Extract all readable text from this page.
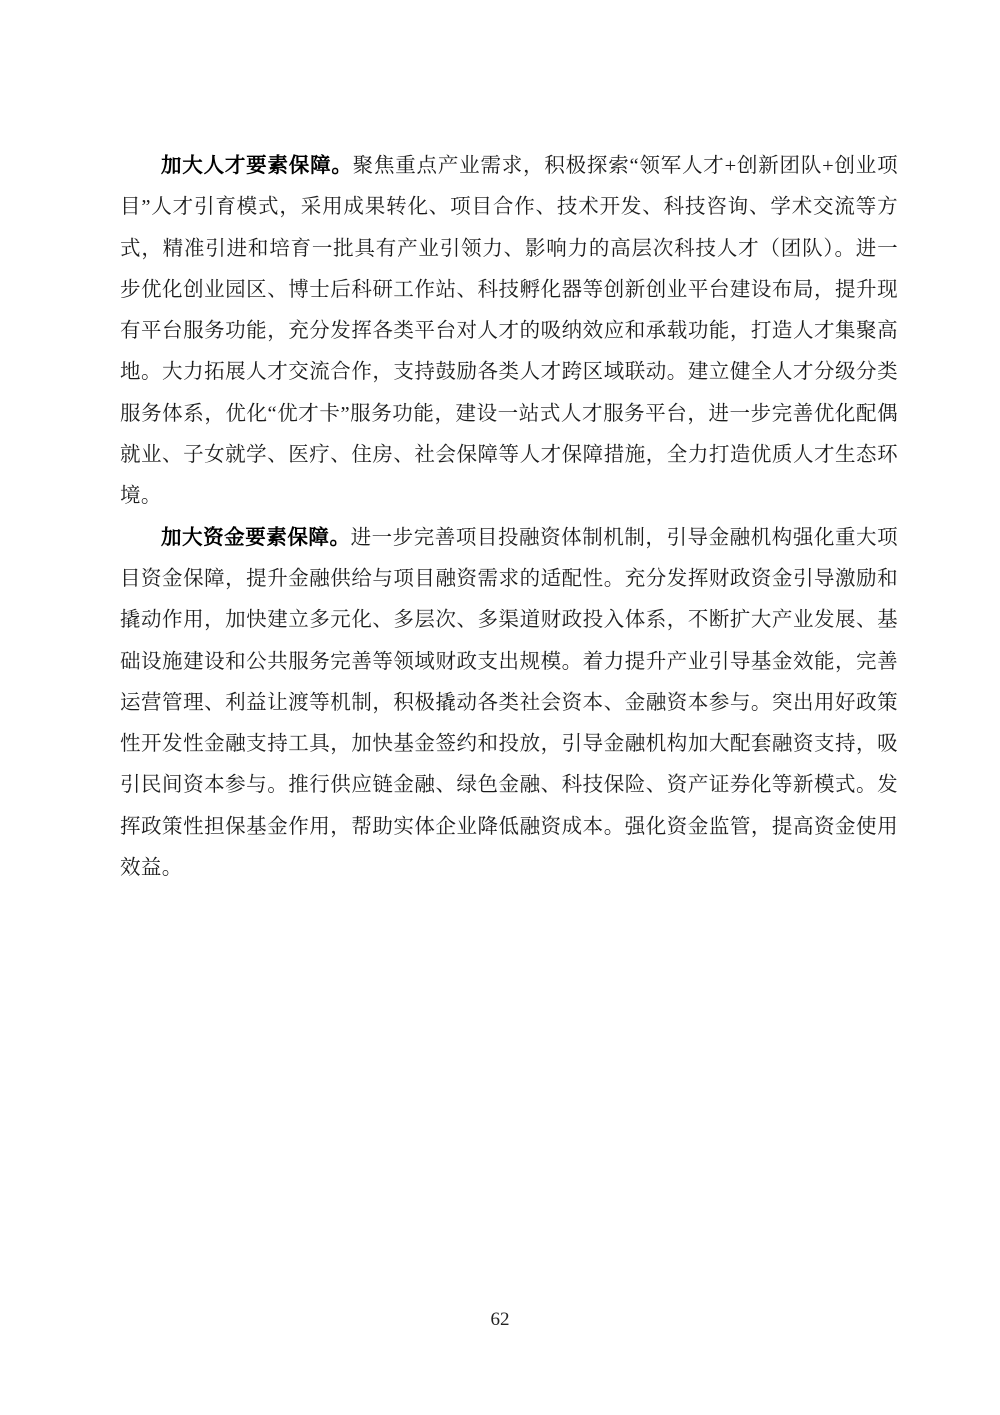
加大人才要素保障。聚焦重点产业需求，积极探索“领军人才+创新团队+创业项目”人才引育模式，采用成果转化、项目合作、技术开发、科技咨询、学术交流等方式，精准引进和培育一批具有产业引领力、影响力的高层次科技人才（团队）。进一步优化创业园区、博士后科研工作站、科技孵化器等创新创业平台建设布局，提升现有平台服务功能，充分发挥各类平台对人才的吸纳效应和承载功能，打造人才集聚高地。大力拓展人才交流合作，支持鼓励各类人才跨区域联动。建立健全人才分级分类服务体系，优化“优才卡”服务功能，建设一站式人才服务平台，进一步完善优化配偶就业、子女就学、医疗、住房、社会保障等人才保障措施，全力打造优质人才生态环境。

加大资金要素保障。进一步完善项目投融资体制机制，引导金融机构强化重大项目资金保障，提升金融供给与项目融资需求的适配性。充分发挥财政资金引导激励和撬动作用，加快建立多元化、多层次、多渠道财政投入体系，不断扩大产业发展、基础设施建设和公共服务完善等领域财政支出规模。着力提升产业引导基金效能，完善运营管理、利益让渡等机制，积极撬动各类社会资本、金融资本参与。突出用好政策性开发性金融支持工具，加快基金签约和投放，引导金融机构加大配套融资支持，吸引民间资本参与。推行供应链金融、绿色金融、科技保险、资产证券化等新模式。发挥政策性担保基金作用，帮助实体企业降低融资成本。强化资金监管，提高资金使用效益。

62
